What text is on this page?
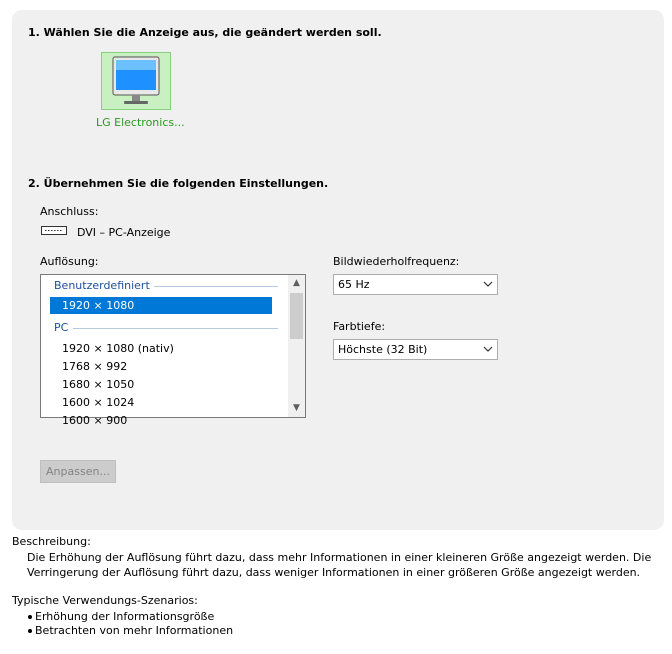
1. Wählen Sie die Anzeige aus, die geändert werden soll.
LG Electronics...
2. Übernehmen Sie die folgenden Einstellungen.
Anschluss:
DVI – PC-Anzeige
Auflösung:
Benutzerdefiniert
1920 × 1080
PC
1920 × 1080 (nativ)
1768 × 992
1680 × 1050
1600 × 1024
1600 × 900
▲
▼
Bildwiederholfrequenz:
65 Hz
Farbtiefe:
Höchste (32 Bit)
Anpassen...
Beschreibung:
Die Erhöhung der Auflösung führt dazu, dass mehr Informationen in einer kleineren Größe angezeigt werden. Die
Verringerung der Auflösung führt dazu, dass weniger Informationen in einer größeren Größe angezeigt werden.
Typische Verwendungs-Szenarios:
Erhöhung der Informationsgröße
Betrachten von mehr Informationen
